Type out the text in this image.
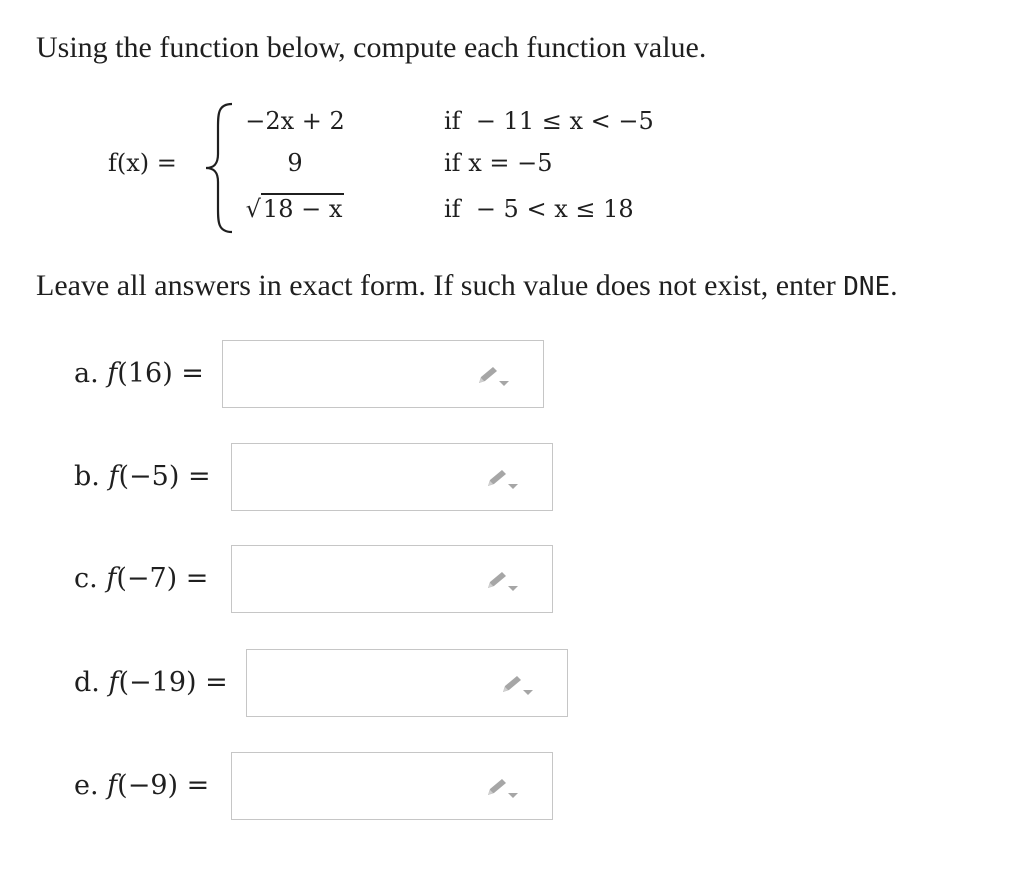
Using the function below, compute each function value.

f(x) =
−2x + 2	if  − 11 ≤ x < −5
9	if x = −5
√18 − x	if  − 5 < x ≤ 18

Leave all answers in exact form. If such value does not exist, enter DNE.

a. f(16) =
b. f(−5) =
c. f(−7) =
d. f(−19) =
e. f(−9) =
